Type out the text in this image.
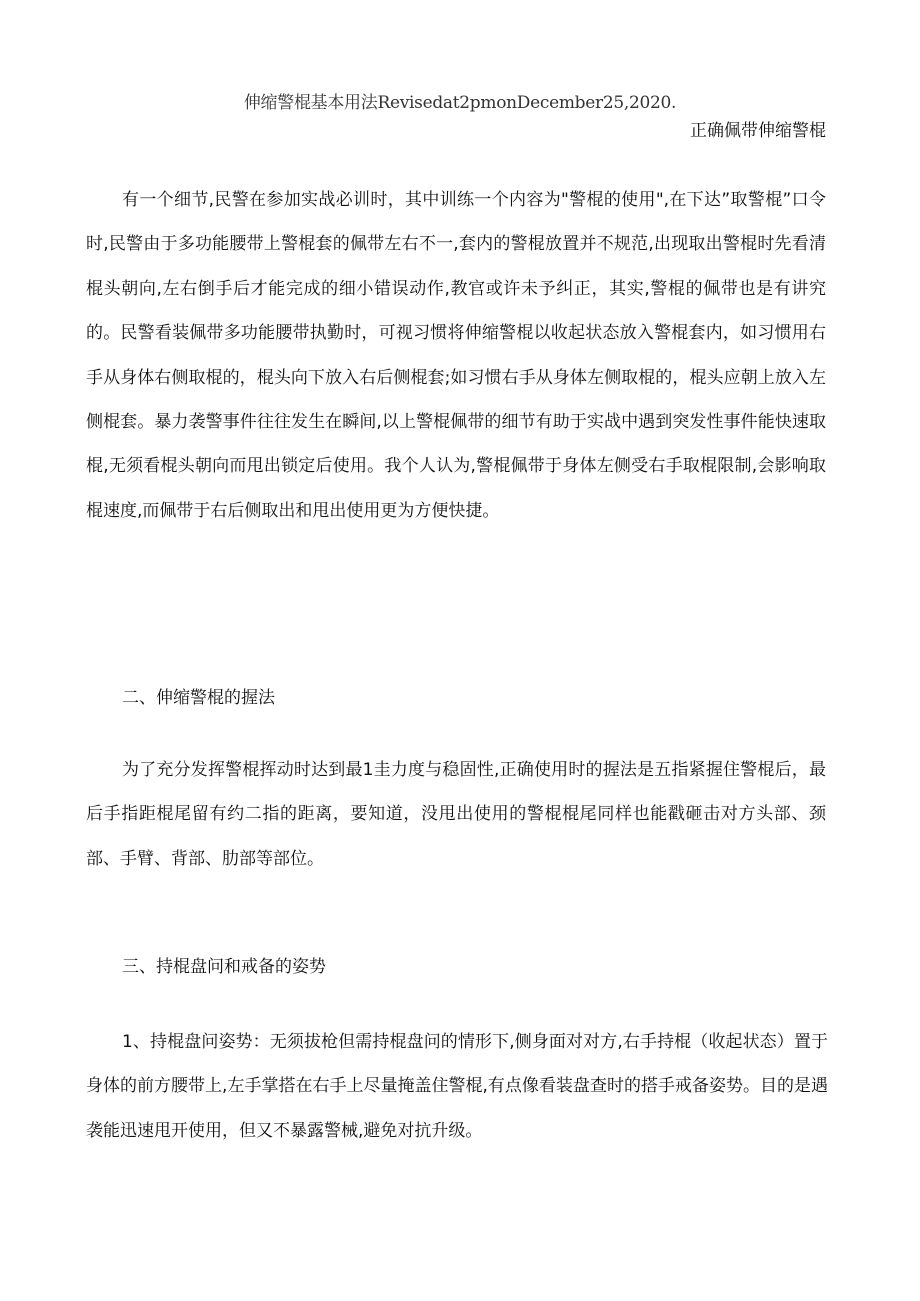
伸缩警棍基本用法Revisedat2pmonDecember25,2020.
正确佩带伸缩警棍

有一个细节,民警在参加实战必训时，其中训练一个内容为"警棍的使用",在下达”取警棍”口令时,民警由于多功能腰带上警棍套的佩带左右不一,套内的警棍放置并不规范,出现取出警棍时先看清棍头朝向,左右倒手后才能完成的细小错误动作,教官或许未予纠正，其实,警棍的佩带也是有讲究的。民警看装佩带多功能腰带执勤时，可视习惯将伸缩警棍以收起状态放入警棍套内，如习惯用右手从身体右侧取棍的，棍头向下放入右后侧棍套;如习惯右手从身体左侧取棍的，棍头应朝上放入左侧棍套。暴力袭警事件往往发生在瞬间,以上警棍佩带的细节有助于实战中遇到突发性事件能快速取棍,无须看棍头朝向而甩出锁定后使用。我个人认为,警棍佩带于身体左侧受右手取棍限制,会影响取棍速度,而佩带于右后侧取出和甩出使用更为方便快捷。

二、伸缩警棍的握法

为了充分发挥警棍挥动时达到最1圭力度与稳固性,正确使用时的握法是五指紧握住警棍后，最后手指距棍尾留有约二指的距离，要知道，没甩出使用的警棍棍尾同样也能戳砸击对方头部、颈部、手臂、背部、肋部等部位。

三、持棍盘问和戒备的姿势

1、持棍盘问姿势：无须拔枪但需持棍盘问的情形下,侧身面对对方,右手持棍（收起状态）置于身体的前方腰带上,左手掌搭在右手上尽量掩盖住警棍,有点像看装盘查时的搭手戒备姿势。目的是遇袭能迅速甩开使用，但又不暴露警械,避免对抗升级。
